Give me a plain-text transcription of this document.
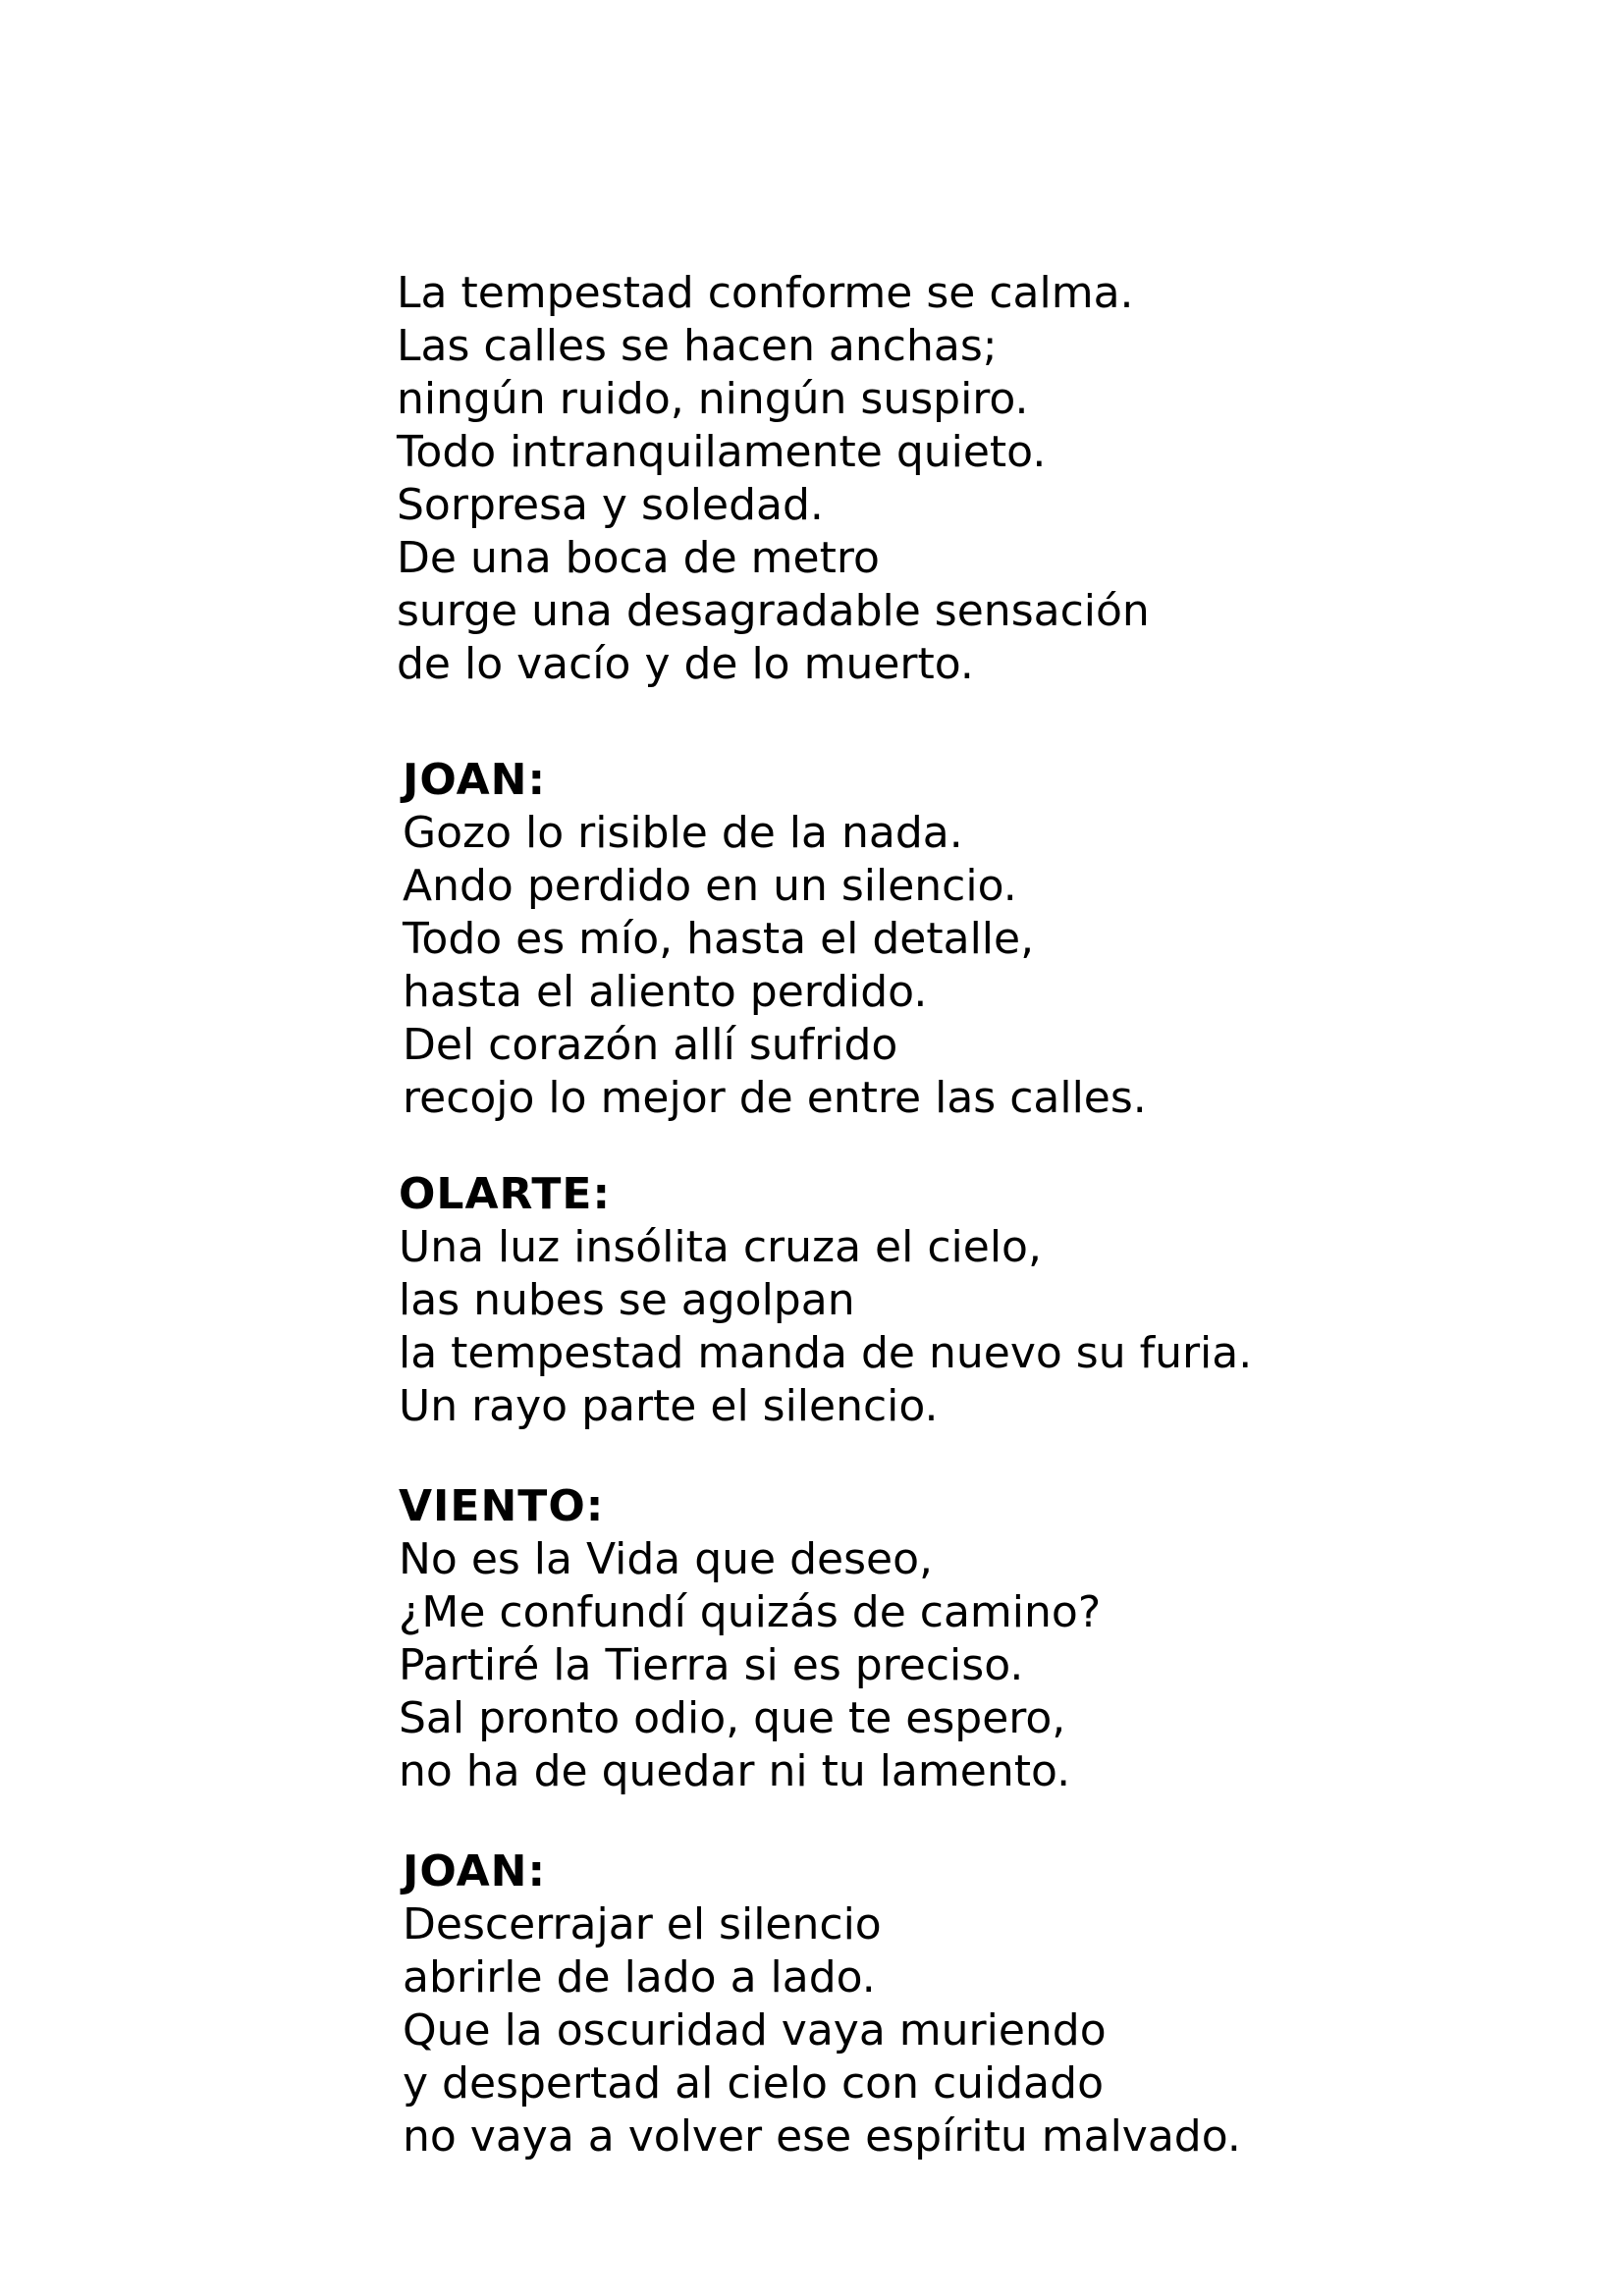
La tempestad conforme se calma.
Las calles se hacen anchas;
ningún ruido, ningún suspiro.
Todo intranquilamente quieto.
Sorpresa y soledad.
De una boca de metro
surge una desagradable sensación
de lo vacío y de lo muerto.
JOAN:
Gozo lo risible de la nada.
Ando perdido en un silencio.
Todo es mío, hasta el detalle,
hasta el aliento perdido.
Del corazón allí sufrido
recojo lo mejor de entre las calles.
OLARTE:
Una luz insólita cruza el cielo,
las nubes se agolpan
la tempestad manda de nuevo su furia.
Un rayo parte el silencio.
VIENTO:
No es la Vida que deseo,
¿Me confundí quizás de camino?
Partiré la Tierra si es preciso.
Sal pronto odio, que te espero,
no ha de quedar ni tu lamento.
JOAN:
Descerrajar el silencio
abrirle de lado a lado.
Que la oscuridad vaya muriendo
y despertad al cielo con cuidado
no vaya a volver ese espíritu malvado.
